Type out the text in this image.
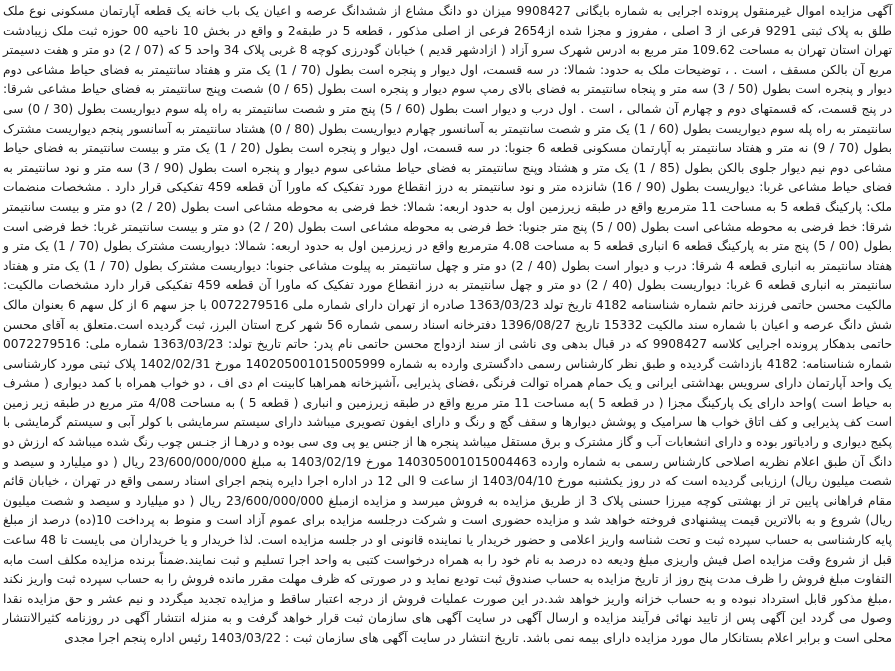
آگهی مزایده اموال غیرمنقول پرونده اجرایی به شماره بایگانی 9908427 میزان دو دانگ مشاع از ششدانگ عرصه و اعیان یک باب خانه یک قطعه آپارتمان مسکونی نوع ملک طلق به پلاک ثبتی 9291 فرعی از 3 اصلی ، مفروز و مجزا شده از2654 فرعی از اصلی مذکور ، قطعه 5 در طبقه2 و واقع در بخش 10 ناحیه 00 حوزه ثبت ملک زیبادشت تهران استان تهران به مساحت 109.62 متر مربع به ادرس شهرک سرو آزاد ( ازادشهر قدیم ) خیابان گودرزی کوچه 8 غربی پلاک 34 واحد 5 که (07 / 2) دو متر و هفت دسیمتر مربع آن بالکن مسقف ، است . ، توضیحات ملک به حدود: شمالا: در سه قسمت، اول دیوار و پنجره است بطول (70 / 1) یک متر و هفتاد سانتیمتر به فضای حیاط مشاعی دوم دیوار و پنجره است بطول (50 / 3) سه متر و پنجاه سانتیمتر به فضای بالای رمپ سوم دیوار و پنجره است بطول (65 / 0) شصت وپنج سانتیمتر به فضای حیاط مشاعی شرقا: در پنج قسمت، که قسمتهای دوم و چهارم آن شمالی ، است . اول درب و دیوار است بطول (60 / 5) پنج متر و شصت سانتیمتر به راه پله سوم دیواریست بطول (30 / 0) سی سانتیمتر به راه پله سوم دیواریست بطول (60 / 1) یک متر و شصت سانتیمتر به آسانسور چهارم دیواریست بطول (80 / 0) هشتاد سانتیمتر به آسانسور پنجم دیواریست مشترک بطول (70 / 9) نه متر و هفتاد سانتیمتر به آپارتمان مسکونی قطعه 6 جنوبا: در سه قسمت، اول دیوار و پنجره است بطول (20 / 1) یک متر و بیست سانتیمتر به فضای حیاط مشاعی دوم نیم دیوار جلوی بالکن بطول (85 / 1) یک متر و هشتاد وپنج سانتیمتر به فضای حیاط مشاعی سوم دیوار و پنجره است بطول (90 / 3) سه متر و نود سانتیمتر به فضای حیاط مشاعی غربا: دیواریست بطول (90 / 16) شانزده متر و نود سانتیمتر به درز انقطاع مورد تفکیک که ماورا آن قطعه 459 تفکیکی قرار دارد . مشخصات منضمات ملک: پارکینگ قطعه 5 به مساحت 11 مترمربع واقع در طبقه زیرزمین اول به حدود اربعه: شمالا: خط فرضی به محوطه مشاعی است بطول (20 / 2) دو متر و بیست سانتیمتر شرقا: خط فرضی به محوطه مشاعی است بطول (00 / 5) پنج متر جنوبا: خط فرضی به محوطه مشاعی است بطول (20 / 2) دو متر و بیست سانتیمتر غربا: خط فرضی است بطول (00 / 5) پنج متر به پارکینگ قطعه 6 انباری قطعه 5 به مساحت 4.08 مترمربع واقع در زیرزمین اول به حدود اربعه: شمالا: دیواریست مشترک بطول (70 / 1) یک متر و هفتاد سانتیمتر به انباری قطعه 4 شرقا: درب و دیوار است بطول (40 / 2) دو متر و چهل سانتیمتر به پیلوت مشاعی جنوبا: دیواریست مشترک بطول (70 / 1) یک متر و هفتاد سانتیمتر به انباری قطعه 6 غربا: دیواریست بطول (40 / 2) دو متر و چهل سانتیمتر به درز انقطاع مورد تفکیک که ماورا آن قطعه 459 تفکیکی قرار دارد مشخصات مالکیت: مالکیت محسن حاتمی فرزند حاتم شماره شناسنامه 4182 تاریخ تولد 1363/03/23 صادره از تهران دارای شماره ملی 0072279516 با جز سهم 6 از کل سهم 6 بعنوان مالک شش دانگ عرصه و اعیان با شماره سند مالکیت 15332 تاریخ 1396/08/27 دفترخانه اسناد رسمی شماره 56 شهر کرج استان البرز، ثبت گردیده است.متعلق به آقای محسن حاتمی بدهکار پرونده اجرایی کلاسه 9908427 که در قبال بدهی وی ناشی از سند ازدواج محسن حاتمی نام پدر: حاتم تاریخ تولد: 1363/03/23 شماره ملی: 0072279516 شماره شناسنامه: 4182 بازداشت گردیده و طبق نظر کارشناس رسمی دادگستری وارده به شماره 140205001015005999 مورخ 1402/02/31 پلاک ثبتی مورد کارشناسی یک واحد آپارتمان دارای سرویس بهداشتی ایرانی و یک حمام همراه توالت فرنگی ،فضای پذیرایی ،آشپزخانه همراهبا کابینت ام دی اف ، دو خواب همراه با کمد دیواری ( مشرف به حیاط است )واحد دارای یک پارکینگ مجزا ( در قطعه 5 )به مساحت 11 متر مربع واقع در طبقه زیرزمین و انباری ( قطعه 5 ) به مساحت 4/08 متر مربع در طبقه زیر زمین است کف پذیرایی و کف اتاق خواب ها سرامیک و پوشش دیوارها و سقف گچ و رنگ و دارای ایفون تصویری میباشد دارای سیستم سرمایشی با کولر آبی و سیستم گرمایشی با پکیج دیواری و رادیاتور بوده و دارای انشعابات آب و گاز مشترک و برق مستقل میباشد پنجره ها از جنس یو پی وی سی بوده و درهـا از جنـس چوب رنگ شده میباشد که ارزش دو دانگ آن طبق اعلام نظریه اصلاحی کارشناس رسمی به شماره وارده 140305001015004463 مورخ 1403/02/19 به مبلغ 23/600/000/000 ریال ( دو میلیارد و سیصد و شصت میلیون ریال) ارزیابی گردیده است که در روز یکشنبه مورخ 1403/04/10 از ساعت 9 الی 12 در اداره اجرا دایره پنجم اجرای اسناد رسمی واقع در تهران ، خیابان قائم مقام فراهانی پایین تر از بهشتی کوچه میرزا حسنی پلاک 3 از طریق مزایده به فروش میرسد و مزایده ازمبلغ 23/600/000/000 ریال ( دو میلیارد و سیصد و شصت میلیون ریال) شروع و به بالاترین قیمت پیشنهادی فروخته خواهد شد و مزایده حضوری است و شرکت درجلسه مزایده برای عموم آزاد است و منوط به پرداخت 10(ده) درصد از مبلغ پایه کارشناسی به حساب سپرده ثبت و تحت شناسه واریز اعلامی و حضور خریدار یا نماینده قانونی او در جلسه مزایده است. لذا خریدار و یا خریداران می بایست تا 48 ساعت قبل از شروع وقت مزایده اصل فیش واریزی مبلغ ودیعه ده درصد به نام خود را به همراه درخواست کتبی به واحد اجرا تسلیم و ثبت نمایند.ضمناً برنده مزایده مکلف است مابه التفاوت مبلغ فروش را ظرف مدت پنج روز از تاریخ مزایده به حساب صندوق ثبت تودیع نماید و در صورتی که ظرف مهلت مقرر مانده فروش را به حساب سپرده ثبت واریز نکند ،مبلغ مذکور قابل استرداد نبوده و به حساب خزانه واریز خواهد شد.در این صورت عملیات فروش از درجه اعتبار ساقط و مزایده تجدید میگردد و نیم عشر و حق مزایده نقدا وصول می گردد این آگهی پس از تایید نهائی فرآیند مزایده و ارسال آگهی در سایت آگهی های سازمان ثبت قرار خواهد گرفت و به منزله انتشار آگهی در روزنامه کثیرالانتشار محلی است و برابر اعلام بستانکار مال مورد مزایده دارای بیمه نمی باشد. تاریخ انتشار در سایت آگهی های سازمان ثبت : 1403/03/22 رئیس اداره پنجم اجرا مجدی
